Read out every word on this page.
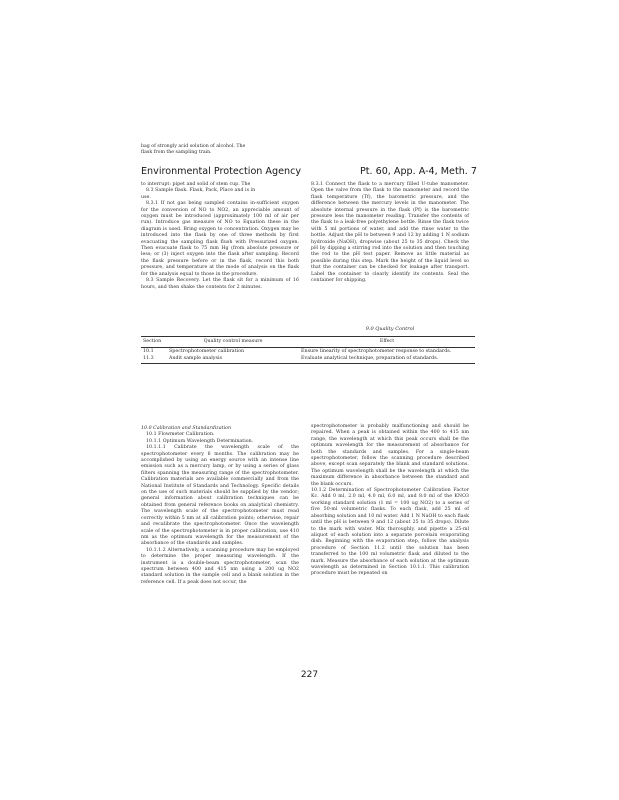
bag of strongly acid solution of alcohol. The
flask from the sampling train.
Environmental Protection Agency	Pt. 60, App. A-4, Meth. 7

to interrupt: pipet and solid of stem cup. The

8.3 Sample flask. Flask, Pack, Place and is in

use.

8.3.1 If not gas being sampled contains in-sufficient oxygen for the conversion of NO to NO2, an appreciable amount of oxygen must be introduced (approximately 100 ml of air per run). Introduce gas measure of NO to Equation these in the diagram is used. Bring oxygen to concentration. Oxygen may be introduced into the flask by one of three methods by first evacuating the sampling flask flush with Pressurized oxygen. Then evacuate flask to 75 mm Hg (from absolute pressure or less; or (3) inject oxygen into the flask after sampling. Record the flask pressure before or in the flask, record this both pressure, and temperature at the mode of analysis on the flask for the analysis equal to those in the procedure.

8.3 Sample Recovery. Let the flask sit for a minimum of 16 hours, and then shake the contents for 2 minutes.

8.3.1 Connect the flask to a mercury filled U-tube manometer. Open the valve from the flask to the manometer and record the flask temperature (Tf), the barometric pressure, and the difference between the mercury levels in the manometer. The absolute internal pressure in the flask (Pf) is the barometric pressure less the manometer reading. Transfer the contents of the flask to a leak-free polyethylene bottle. Rinse the flask twice with 5 ml portions of water, and add the rinse water to the bottle. Adjust the pH to between 9 and 12 by adding 1 N sodium hydroxide (NaOH), dropwise (about 25 to 35 drops). Check the pH by dipping a stirring rod into the solution and then touching the rod to the pH test paper. Remove as little material as possible during this step. Mark the height of the liquid level so that the container can be checked for leakage after transport. Label the container to clearly identify its contents. Seal the container for shipping.

9.0 Quality Control
Section	Quality control measure	Effect
10.1	Spectrophotometer calibration	Ensure linearity of spectrophotometer response to standards.
11.3	Audit sample analysis	Evaluate analytical technique, preparation of standards.

10.0 Calibration and Standardization

10.1 Flowmeter Calibration.

10.1.1 Optimum Wavelength Determination.

10.1.1.1 Calibrate the wavelength scale of the spectrophotometer every 6 months. The calibration may be accomplished by using an energy source with an intense line emission such as a mercury lamp, or by using a series of glass filters spanning the measuring range of the spectrophotometer. Calibration materials are available commercially and from the National Institute of Standards and Technology. Specific details on the use of such materials should be supplied by the vendor; general information about calibration techniques can be obtained from general reference books on analytical chemistry. The wavelength scale of the spectrophotometer must read correctly within 5 nm at all calibration points; otherwise, repair and recalibrate the spectrophotometer. Once the wavelength scale of the spectrophotometer is in proper calibration, use 410 nm as the optimum wavelength for the measurement of the absorbance of the standards and samples.

10.1.1.2 Alternatively, a scanning procedure may be employed to determine the proper measuring wavelength. If the instrument is a double-beam spectrophotometer, scan the spectrum between 400 and 415 nm using a 200 ug NO2 standard solution in the sample cell and a blank solution in the reference cell. If a peak does not occur, the

spectrophotometer is probably malfunctioning and should be repaired. When a peak is obtained within the 400 to 415 nm range, the wavelength at which this peak occurs shall be the optimum wavelength for the measurement of absorbance for both the standards and samples. For a single-beam spectrophotometer, follow the scanning procedure described above, except scan separately the blank and standard solutions. The optimum wavelength shall be the wavelength at which the maximum difference in absorbance between the standard and the blank occurs.

10.1.2 Determination of Spectrophotometer Calibration Factor Kc. Add 0 ml, 2.0 ml, 4.0 ml, 6.0 ml, and 8.0 ml of the KNO3 working standard solution (1 ml = 100 ug NO2) to a series of five 50-ml volumetric flasks. To each flask, add 25 ml of absorbing solution and 10 ml water. Add 1 N NaOH to each flask until the pH is between 9 and 12 (about 25 to 35 drops). Dilute to the mark with water. Mix thoroughly, and pipette a 25-ml aliquot of each solution into a separate porcelain evaporating dish. Beginning with the evaporation step, follow the analysis procedure of Section 11.2 until the solution has been transferred to the 100 ml volumetric flask and diluted to the mark. Measure the absorbance of each solution at the optimum wavelength as determined in Section 10.1.1. This calibration procedure must be repeated on

227
